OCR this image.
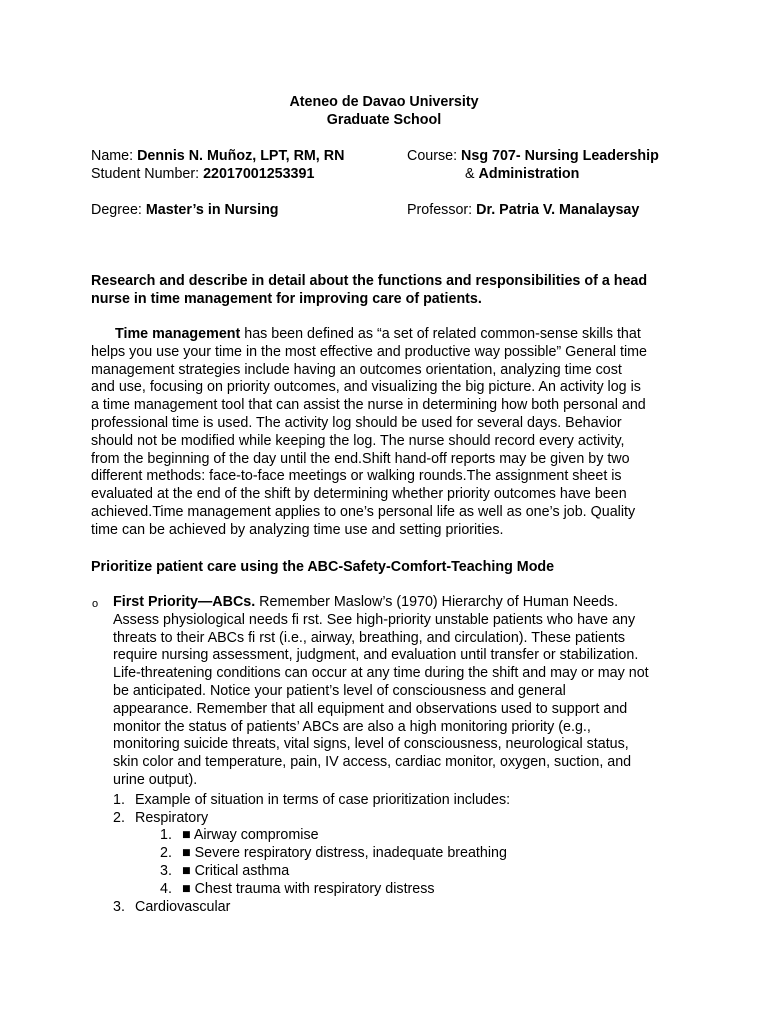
Ateneo de Davao University
Graduate School
Name: Dennis N. Muñoz, LPT, RM, RN
Student Number: 22017001253391
Degree: Master’s in Nursing
Course: Nsg 707- Nursing Leadership
& Administration
Professor: Dr. Patria V. Manalaysay
Research and describe in detail about the functions and responsibilities of a head
nurse in time management for improving care of patients.
Time management has been defined as “a set of related common-sense skills that
helps you use your time in the most effective and productive way possible” General time
management strategies include having an outcomes orientation, analyzing time cost
and use, focusing on priority outcomes, and visualizing the big picture. An activity log is
a time management tool that can assist the nurse in determining how both personal and
professional time is used. The activity log should be used for several days. Behavior
should not be modified while keeping the log. The nurse should record every activity,
from the beginning of the day until the end.Shift hand-off reports may be given by two
different methods: face-to-face meetings or walking rounds.The assignment sheet is
evaluated at the end of the shift by determining whether priority outcomes have been
achieved.Time management applies to one’s personal life as well as one’s job. Quality
time can be achieved by analyzing time use and setting priorities.
Prioritize patient care using the ABC-Safety-Comfort-Teaching Mode
o First Priority—ABCs. Remember Maslow’s (1970) Hierarchy of Human Needs.
Assess physiological needs fi rst. See high-priority unstable patients who have any
threats to their ABCs fi rst (i.e., airway, breathing, and circulation). These patients
require nursing assessment, judgment, and evaluation until transfer or stabilization.
Life-threatening conditions can occur at any time during the shift and may or may not
be anticipated. Notice your patient’s level of consciousness and general
appearance. Remember that all equipment and observations used to support and
monitor the status of patients’ ABCs are also a high monitoring priority (e.g.,
monitoring suicide threats, vital signs, level of consciousness, neurological status,
skin color and temperature, pain, IV access, cardiac monitor, oxygen, suction, and
urine output).
1. Example of situation in terms of case prioritization includes:
2. Respiratory
1. ■ Airway compromise
2. ■ Severe respiratory distress, inadequate breathing
3. ■ Critical asthma
4. ■ Chest trauma with respiratory distress
3. Cardiovascular
